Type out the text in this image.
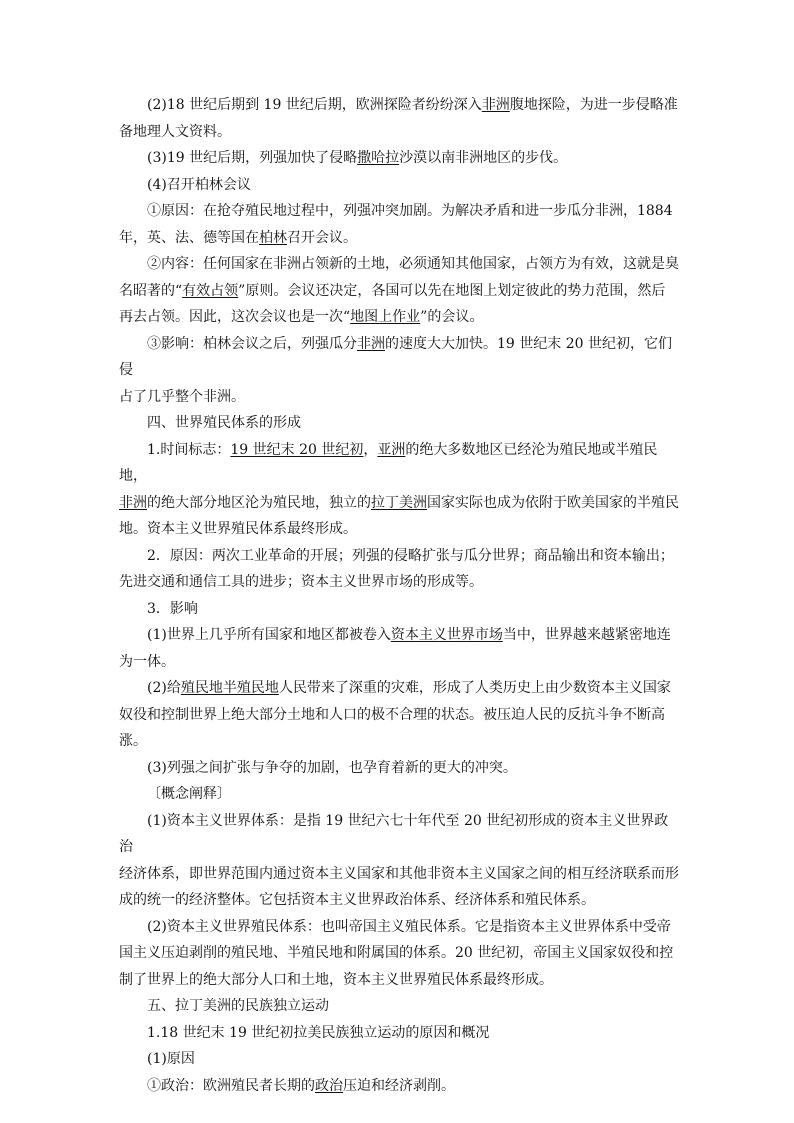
(2)18 世纪后期到 19 世纪后期，欧洲探险者纷纷深入非洲腹地探险，为进一步侵略准

备地理人文资料。

(3)19 世纪后期，列强加快了侵略撒哈拉沙漠以南非洲地区的步伐。

(4)召开柏林会议

①原因：在抢夺殖民地过程中，列强冲突加剧。为解决矛盾和进一步瓜分非洲，1884

年，英、法、德等国在柏林召开会议。

②内容：任何国家在非洲占领新的土地，必须通知其他国家，占领方为有效，这就是臭

名昭著的“有效占领”原则。会议还决定，各国可以先在地图上划定彼此的势力范围，然后

再去占领。因此，这次会议也是一次“地图上作业”的会议。

③影响：柏林会议之后，列强瓜分非洲的速度大大加快。19 世纪末 20 世纪初，它们侵

占了几乎整个非洲。

四、世界殖民体系的形成

1.时间标志：19 世纪末 20 世纪初，亚洲的绝大多数地区已经沦为殖民地或半殖民地，

非洲的绝大部分地区沦为殖民地，独立的拉丁美洲国家实际也成为依附于欧美国家的半殖民

地。资本主义世界殖民体系最终形成。

2．原因：两次工业革命的开展；列强的侵略扩张与瓜分世界；商品输出和资本输出；

先进交通和通信工具的进步；资本主义世界市场的形成等。

3．影响

(1)世界上几乎所有国家和地区都被卷入资本主义世界市场当中，世界越来越紧密地连

为一体。

(2)给殖民地半殖民地人民带来了深重的灾难，形成了人类历史上由少数资本主义国家

奴役和控制世界上绝大部分土地和人口的极不合理的状态。被压迫人民的反抗斗争不断高涨。

(3)列强之间扩张与争夺的加剧，也孕育着新的更大的冲突。

〔概念阐释〕

(1)资本主义世界体系：是指 19 世纪六七十年代至 20 世纪初形成的资本主义世界政治

经济体系，即世界范围内通过资本主义国家和其他非资本主义国家之间的相互经济联系而形

成的统一的经济整体。它包括资本主义世界政治体系、经济体系和殖民体系。

(2)资本主义世界殖民体系：也叫帝国主义殖民体系。它是指资本主义世界体系中受帝

国主义压迫剥削的殖民地、半殖民地和附属国的体系。20 世纪初，帝国主义国家奴役和控

制了世界上的绝大部分人口和土地，资本主义世界殖民体系最终形成。

五、拉丁美洲的民族独立运动

1.18 世纪末 19 世纪初拉美民族独立运动的原因和概况

(1)原因

①政治：欧洲殖民者长期的政治压迫和经济剥削。
